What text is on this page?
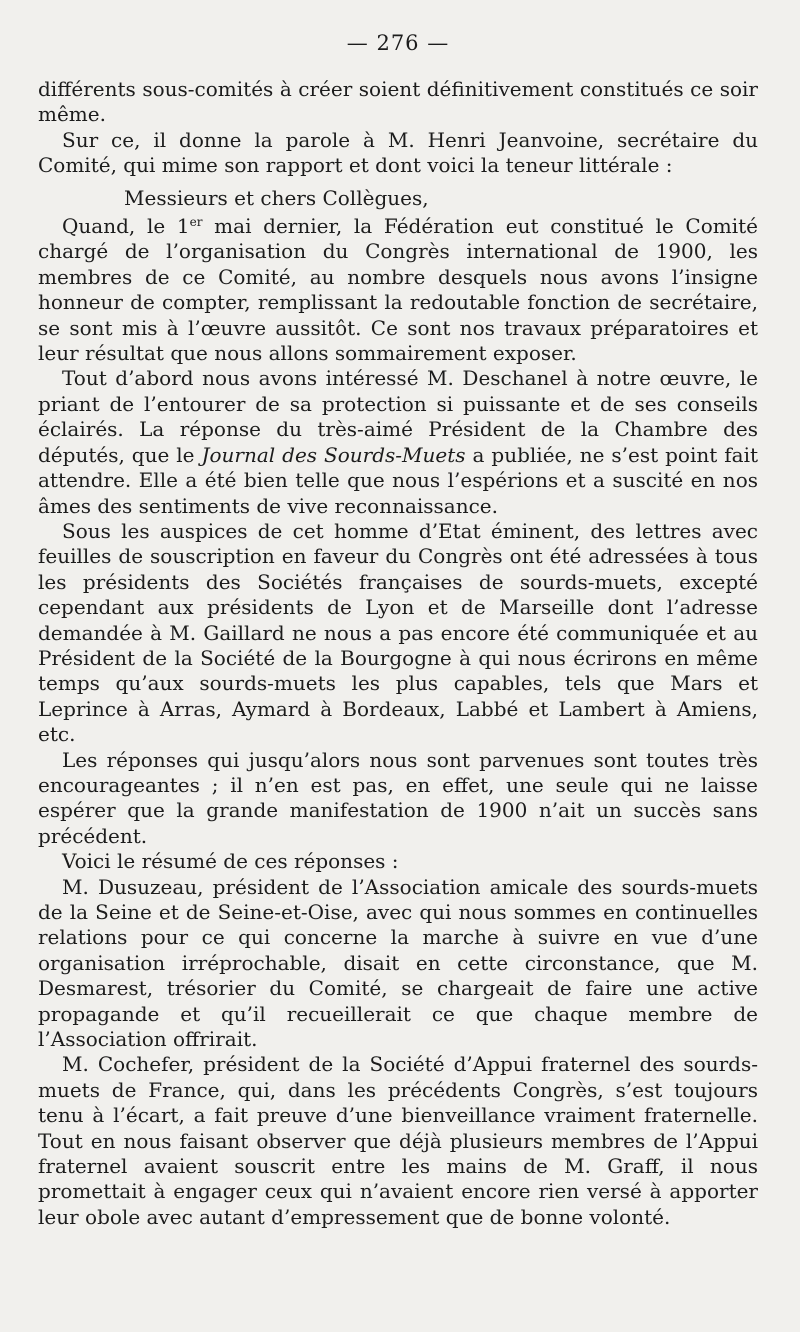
— 276 —

différents sous-comités à créer soient définitivement constitués ce soir même.

Sur ce, il donne la parole à M. Henri Jeanvoine, secrétaire du Comité, qui mime son rapport et dont voici la teneur littérale :

Messieurs et chers Collègues,

Quand, le 1er mai dernier, la Fédération eut constitué le Comité chargé de l’organisation du Congrès international de 1900, les membres de ce Comité, au nombre desquels nous avons l’insigne honneur de compter, remplissant la redoutable fonction de secrétaire, se sont mis à l’œuvre aussitôt. Ce sont nos travaux préparatoires et leur résultat que nous allons sommairement exposer.

Tout d’abord nous avons intéressé M. Deschanel à notre œuvre, le priant de l’entourer de sa protection si puissante et de ses conseils éclairés. La réponse du très-aimé Président de la Chambre des députés, que le Journal des Sourds-Muets a publiée, ne s’est point fait attendre. Elle a été bien telle que nous l’espérions et a suscité en nos âmes des sentiments de vive reconnaissance.

Sous les auspices de cet homme d’Etat éminent, des lettres avec feuilles de souscription en faveur du Congrès ont été adressées à tous les présidents des Sociétés françaises de sourds-muets, excepté cependant aux présidents de Lyon et de Marseille dont l’adresse demandée à M. Gaillard ne nous a pas encore été communiquée et au Président de la Société de la Bourgogne à qui nous écrirons en même temps qu’aux sourds-muets les plus capables, tels que Mars et Leprince à Arras, Aymard à Bordeaux, Labbé et Lambert à Amiens, etc.

Les réponses qui jusqu’alors nous sont parvenues sont toutes très encourageantes ; il n’en est pas, en effet, une seule qui ne laisse espérer que la grande manifestation de 1900 n’ait un succès sans précédent.

Voici le résumé de ces réponses :

M. Dusuzeau, président de l’Association amicale des sourds-muets de la Seine et de Seine-et-Oise, avec qui nous sommes en continuelles relations pour ce qui concerne la marche à suivre en vue d’une organisation irréprochable, disait en cette circonstance, que M. Desmarest, trésorier du Comité, se chargeait de faire une active propagande et qu’il recueillerait ce que chaque membre de l’Association offrirait.

M. Cochefer, président de la Société d’Appui fraternel des sourds-muets de France, qui, dans les précédents Congrès, s’est toujours tenu à l’écart, a fait preuve d’une bienveillance vraiment fraternelle. Tout en nous faisant observer que déjà plusieurs membres de l’Appui fraternel avaient souscrit entre les mains de M. Graff, il nous promettait à engager ceux qui n’avaient encore rien versé à apporter leur obole avec autant d’empressement que de bonne volonté.
